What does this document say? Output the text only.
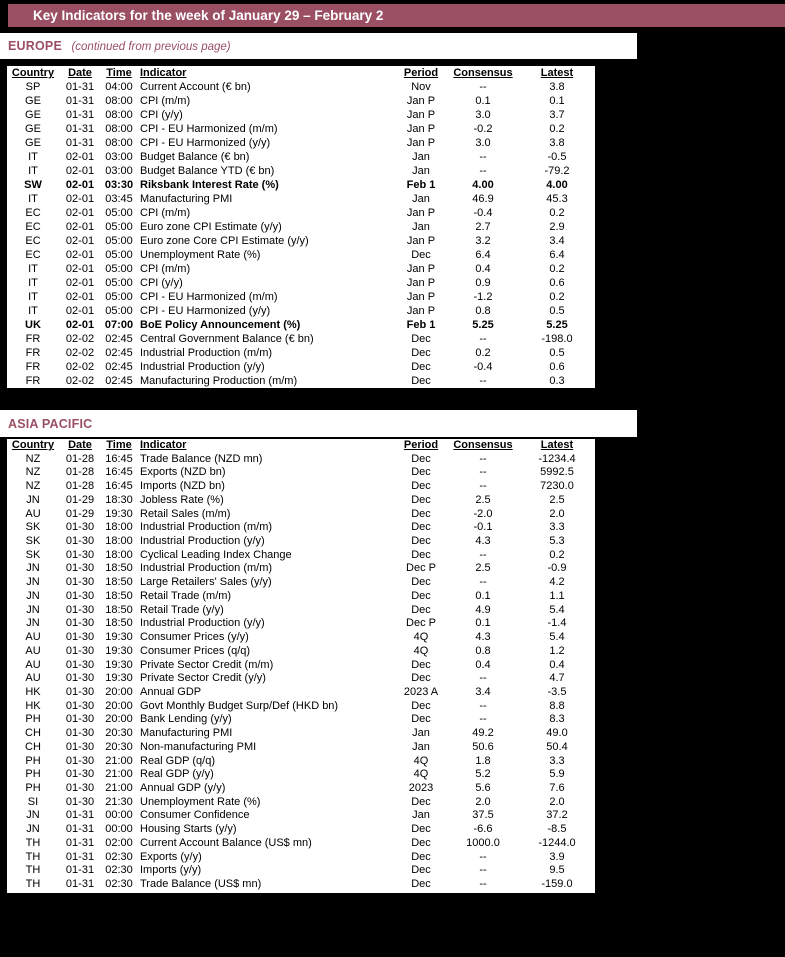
Key Indicators for the week of January 29 – February 2
EUROPE (continued from previous page)
Country	Date	Time	Indicator	Period	Consensus	Latest
SP	01-31	04:00	Current Account (€ bn)	Nov	--	3.8
GE	01-31	08:00	CPI (m/m)	Jan P	0.1	0.1
GE	01-31	08:00	CPI (y/y)	Jan P	3.0	3.7
GE	01-31	08:00	CPI - EU Harmonized (m/m)	Jan P	-0.2	0.2
GE	01-31	08:00	CPI - EU Harmonized (y/y)	Jan P	3.0	3.8
IT	02-01	03:00	Budget Balance (€ bn)	Jan	--	-0.5
IT	02-01	03:00	Budget Balance YTD (€ bn)	Jan	--	-79.2
SW	02-01	03:30	Riksbank Interest Rate (%)	Feb 1	4.00	4.00
IT	02-01	03:45	Manufacturing PMI	Jan	46.9	45.3
EC	02-01	05:00	CPI (m/m)	Jan P	-0.4	0.2
EC	02-01	05:00	Euro zone CPI Estimate (y/y)	Jan	2.7	2.9
EC	02-01	05:00	Euro zone Core CPI Estimate (y/y)	Jan P	3.2	3.4
EC	02-01	05:00	Unemployment Rate (%)	Dec	6.4	6.4
IT	02-01	05:00	CPI (m/m)	Jan P	0.4	0.2
IT	02-01	05:00	CPI (y/y)	Jan P	0.9	0.6
IT	02-01	05:00	CPI - EU Harmonized (m/m)	Jan P	-1.2	0.2
IT	02-01	05:00	CPI - EU Harmonized (y/y)	Jan P	0.8	0.5
UK	02-01	07:00	BoE Policy Announcement (%)	Feb 1	5.25	5.25
FR	02-02	02:45	Central Government Balance (€ bn)	Dec	--	-198.0
FR	02-02	02:45	Industrial Production (m/m)	Dec	0.2	0.5
FR	02-02	02:45	Industrial Production (y/y)	Dec	-0.4	0.6
FR	02-02	02:45	Manufacturing Production (m/m)	Dec	--	0.3
ASIA PACIFIC
Country	Date	Time	Indicator	Period	Consensus	Latest
NZ	01-28	16:45	Trade Balance (NZD mn)	Dec	--	-1234.4
NZ	01-28	16:45	Exports (NZD bn)	Dec	--	5992.5
NZ	01-28	16:45	Imports (NZD bn)	Dec	--	7230.0
JN	01-29	18:30	Jobless Rate (%)	Dec	2.5	2.5
AU	01-29	19:30	Retail Sales (m/m)	Dec	-2.0	2.0
SK	01-30	18:00	Industrial Production (m/m)	Dec	-0.1	3.3
SK	01-30	18:00	Industrial Production (y/y)	Dec	4.3	5.3
SK	01-30	18:00	Cyclical Leading Index Change	Dec	--	0.2
JN	01-30	18:50	Industrial Production (m/m)	Dec P	2.5	-0.9
JN	01-30	18:50	Large Retailers' Sales (y/y)	Dec	--	4.2
JN	01-30	18:50	Retail Trade (m/m)	Dec	0.1	1.1
JN	01-30	18:50	Retail Trade (y/y)	Dec	4.9	5.4
JN	01-30	18:50	Industrial Production (y/y)	Dec P	0.1	-1.4
AU	01-30	19:30	Consumer Prices (y/y)	4Q	4.3	5.4
AU	01-30	19:30	Consumer Prices (q/q)	4Q	0.8	1.2
AU	01-30	19:30	Private Sector Credit (m/m)	Dec	0.4	0.4
AU	01-30	19:30	Private Sector Credit (y/y)	Dec	--	4.7
HK	01-30	20:00	Annual GDP	2023 A	3.4	-3.5
HK	01-30	20:00	Govt Monthly Budget Surp/Def (HKD bn)	Dec	--	8.8
PH	01-30	20:00	Bank Lending (y/y)	Dec	--	8.3
CH	01-30	20:30	Manufacturing PMI	Jan	49.2	49.0
CH	01-30	20:30	Non-manufacturing PMI	Jan	50.6	50.4
PH	01-30	21:00	Real GDP (q/q)	4Q	1.8	3.3
PH	01-30	21:00	Real GDP (y/y)	4Q	5.2	5.9
PH	01-30	21:00	Annual GDP (y/y)	2023	5.6	7.6
SI	01-30	21:30	Unemployment Rate (%)	Dec	2.0	2.0
JN	01-31	00:00	Consumer Confidence	Jan	37.5	37.2
JN	01-31	00:00	Housing Starts (y/y)	Dec	-6.6	-8.5
TH	01-31	02:00	Current Account Balance (US$ mn)	Dec	1000.0	-1244.0
TH	01-31	02:30	Exports (y/y)	Dec	--	3.9
TH	01-31	02:30	Imports (y/y)	Dec	--	9.5
TH	01-31	02:30	Trade Balance (US$ mn)	Dec	--	-159.0
